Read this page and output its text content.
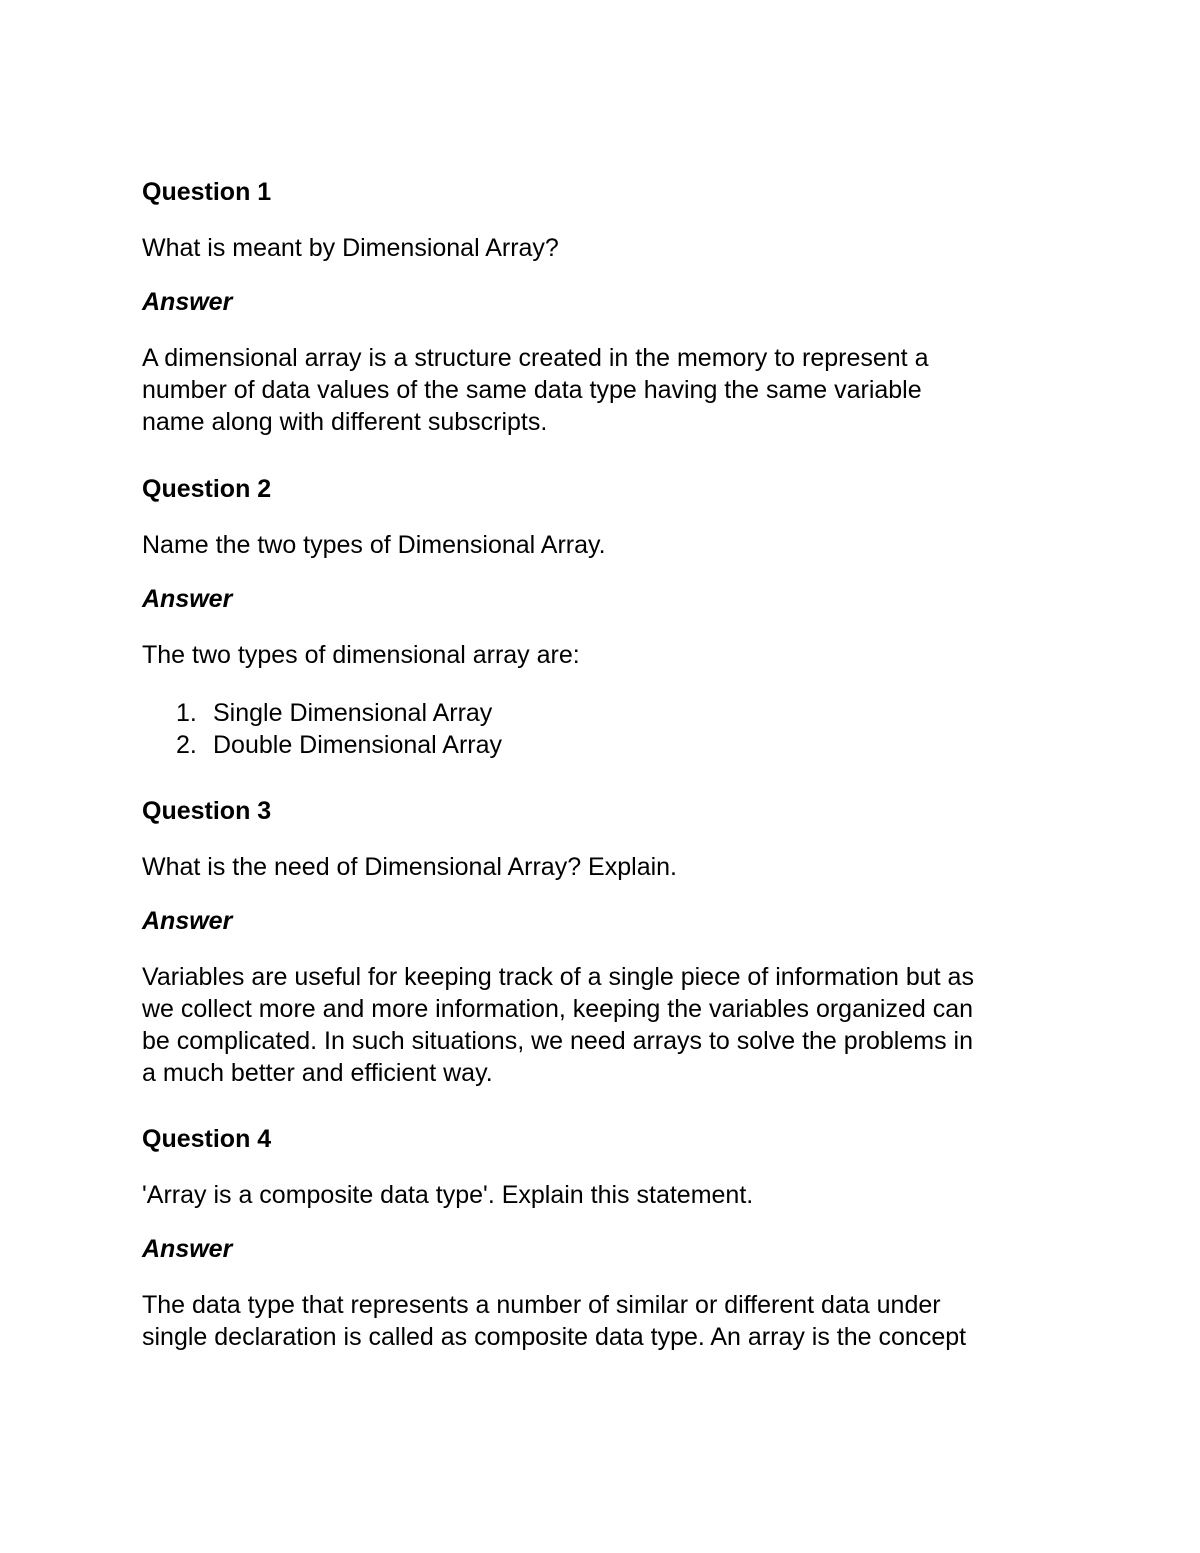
Question 1

What is meant by Dimensional Array?

Answer

A dimensional array is a structure created in the memory to represent a

number of data values of the same data type having the same variable

name along with different subscripts.

Question 2

Name the two types of Dimensional Array.

Answer

The two types of dimensional array are:

1. Single Dimensional Array
2. Double Dimensional Array

Question 3

What is the need of Dimensional Array? Explain.

Answer

Variables are useful for keeping track of a single piece of information but as

we collect more and more information, keeping the variables organized can

be complicated. In such situations, we need arrays to solve the problems in

a much better and efficient way.

Question 4

'Array is a composite data type'. Explain this statement.

Answer

The data type that represents a number of similar or different data under

single declaration is called as composite data type. An array is the concept
